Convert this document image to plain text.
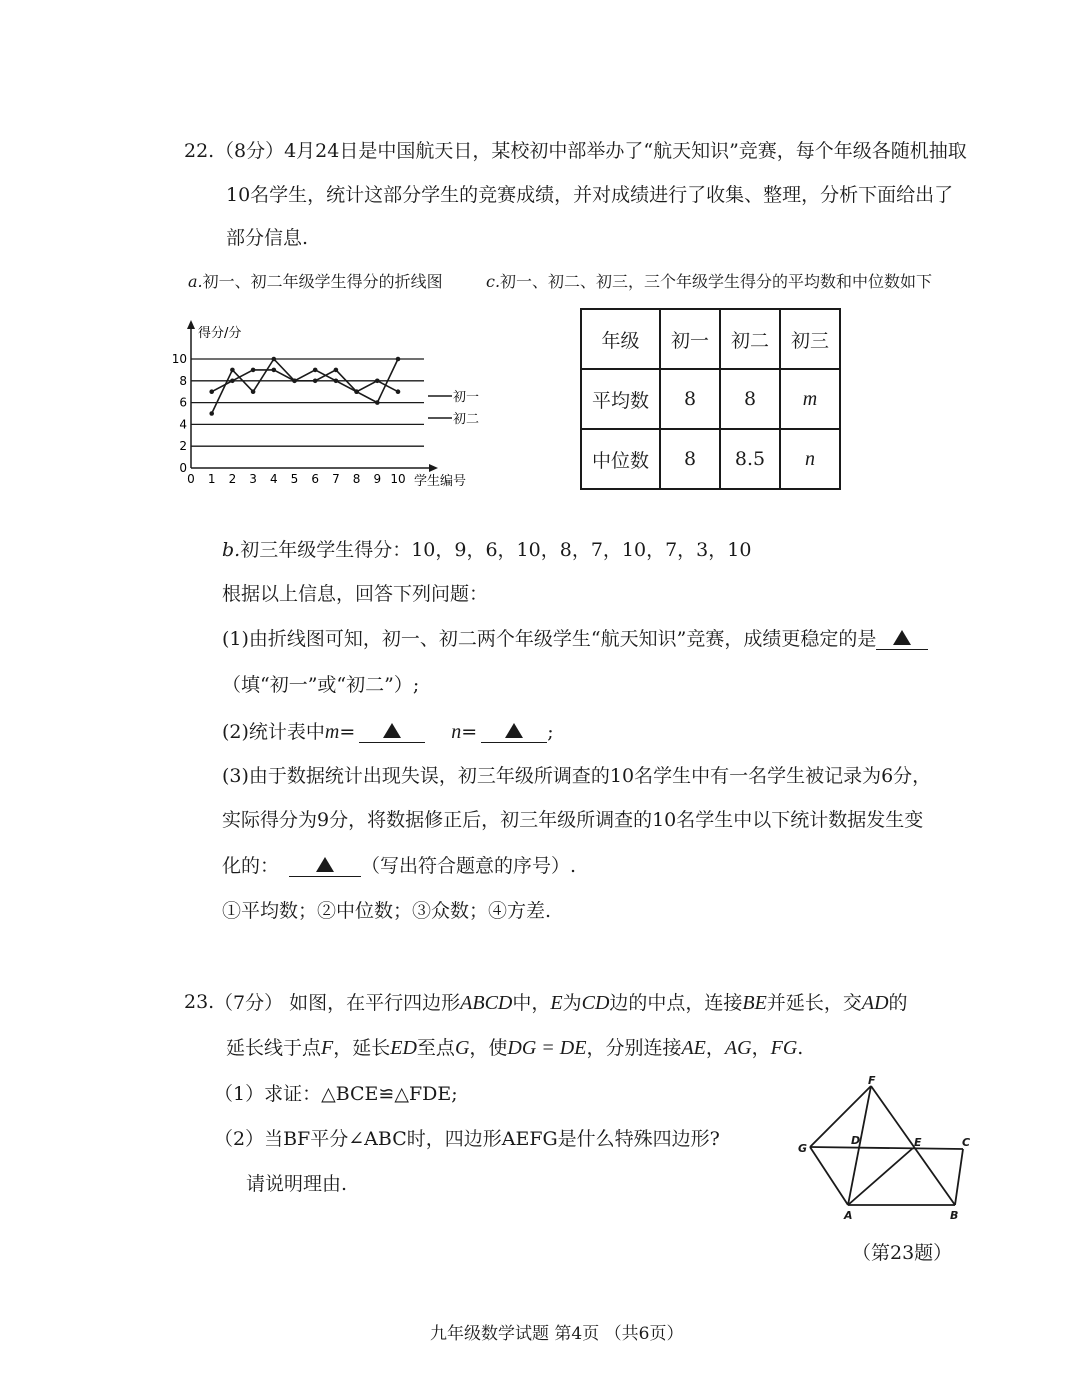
22. （8分）4月24日是中国航天日，某校初中部举办了“航天知识”竞赛，每个年级各随机抽取
10名学生，统计这部分学生的竞赛成绩，并对成绩进行了收集、整理，分析下面给出了
部分信息.
a.初一、初二年级学生得分的折线图	c.初一、初二、初三，三个年级学生得分的平均数和中位数如下
得分/分
学生编号
0
2
4
6
8
10
0 1 2 3 4 5 6 7 8 9 10
初一
初二
年级	初一	初二	初三
平均数	8	8	m
中位数	8	8.5	n
b.初三年级学生得分：10，9，6，10，8，7，10，7，3，10
根据以上信息，回答下列问题：
(1)由折线图可知，初一、初二两个年级学生“航天知识”竞赛，成绩更稳定的是
（填“初一”或“初二”）;
(2)统计表中m=	n=	;
(3)由于数据统计出现失误，初三年级所调查的10名学生中有一名学生被记录为6分，
实际得分为9分，将数据修正后，初三年级所调查的10名学生中以下统计数据发生变
化的：	（写出符合题意的序号）.
①平均数；②中位数；③众数；④方差.
23. （7分） 如图，在平行四边形ABCD中，E为CD边的中点，连接BE并延长，交AD的
延长线于点F，延长ED至点G，使DG = DE，分别连接AE，AG，FG.
（1）求证：△BCE≌△FDE;
（2）当BF平分∠ABC时，四边形AEFG是什么特殊四边形?
请说明理由.
F
G
D	E	C
A	B
（第23题）
九年级数学试题 第4页 （共6页）
